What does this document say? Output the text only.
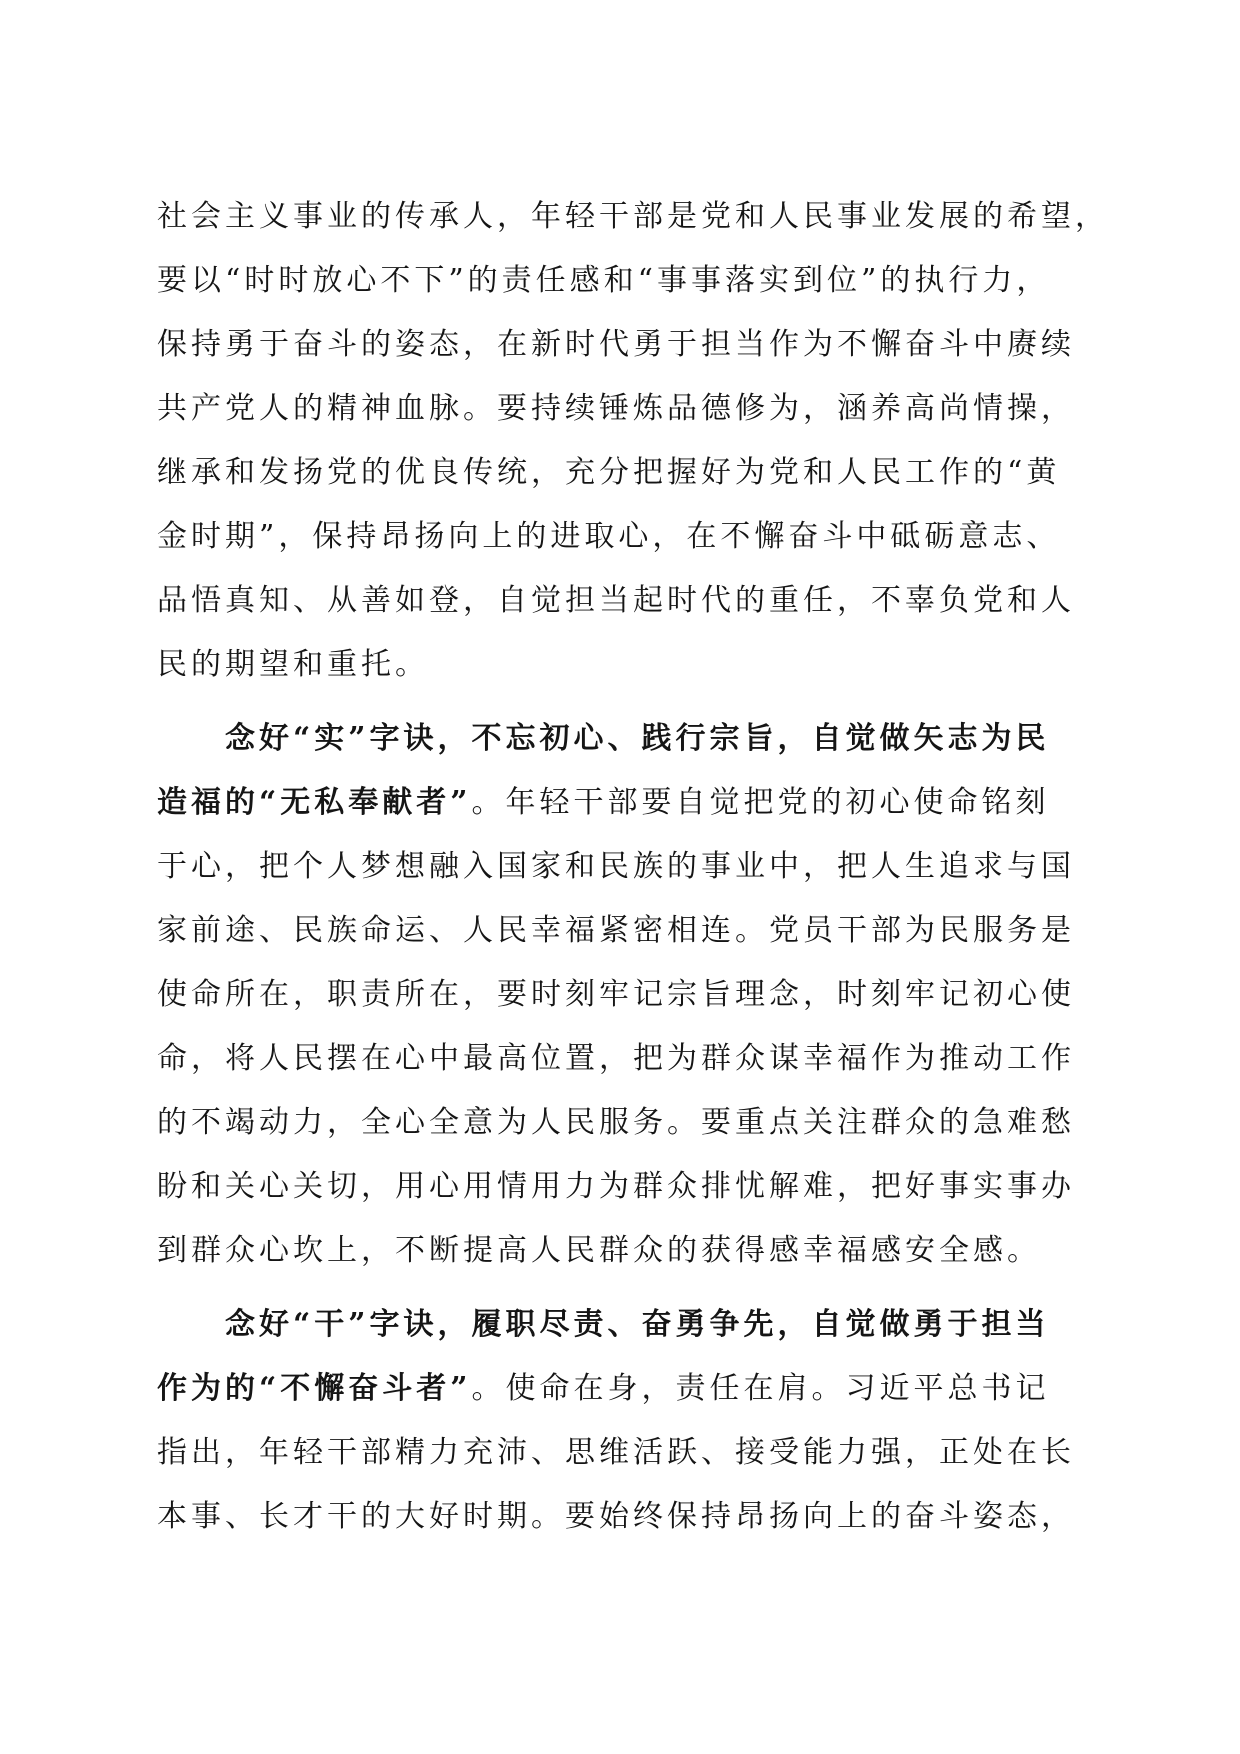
社会主义事业的传承人，年轻干部是党和人民事业发展的希望，
要以“时时放心不下”的责任感和“事事落实到位”的执行力，
保持勇于奋斗的姿态，在新时代勇于担当作为不懈奋斗中赓续
共产党人的精神血脉。要持续锤炼品德修为，涵养高尚情操，
继承和发扬党的优良传统，充分把握好为党和人民工作的“黄
金时期”，保持昂扬向上的进取心，在不懈奋斗中砥砺意志、
品悟真知、从善如登，自觉担当起时代的重任，不辜负党和人
民的期望和重托。
念好“实”字诀，不忘初心、践行宗旨，自觉做矢志为民
造福的“无私奉献者”。年轻干部要自觉把党的初心使命铭刻
于心，把个人梦想融入国家和民族的事业中，把人生追求与国
家前途、民族命运、人民幸福紧密相连。党员干部为民服务是
使命所在，职责所在，要时刻牢记宗旨理念，时刻牢记初心使
命，将人民摆在心中最高位置，把为群众谋幸福作为推动工作
的不竭动力，全心全意为人民服务。要重点关注群众的急难愁
盼和关心关切，用心用情用力为群众排忧解难，把好事实事办
到群众心坎上，不断提高人民群众的获得感幸福感安全感。
念好“干”字诀，履职尽责、奋勇争先，自觉做勇于担当
作为的“不懈奋斗者”。使命在身，责任在肩。习近平总书记
指出，年轻干部精力充沛、思维活跃、接受能力强，正处在长
本事、长才干的大好时期。要始终保持昂扬向上的奋斗姿态，
